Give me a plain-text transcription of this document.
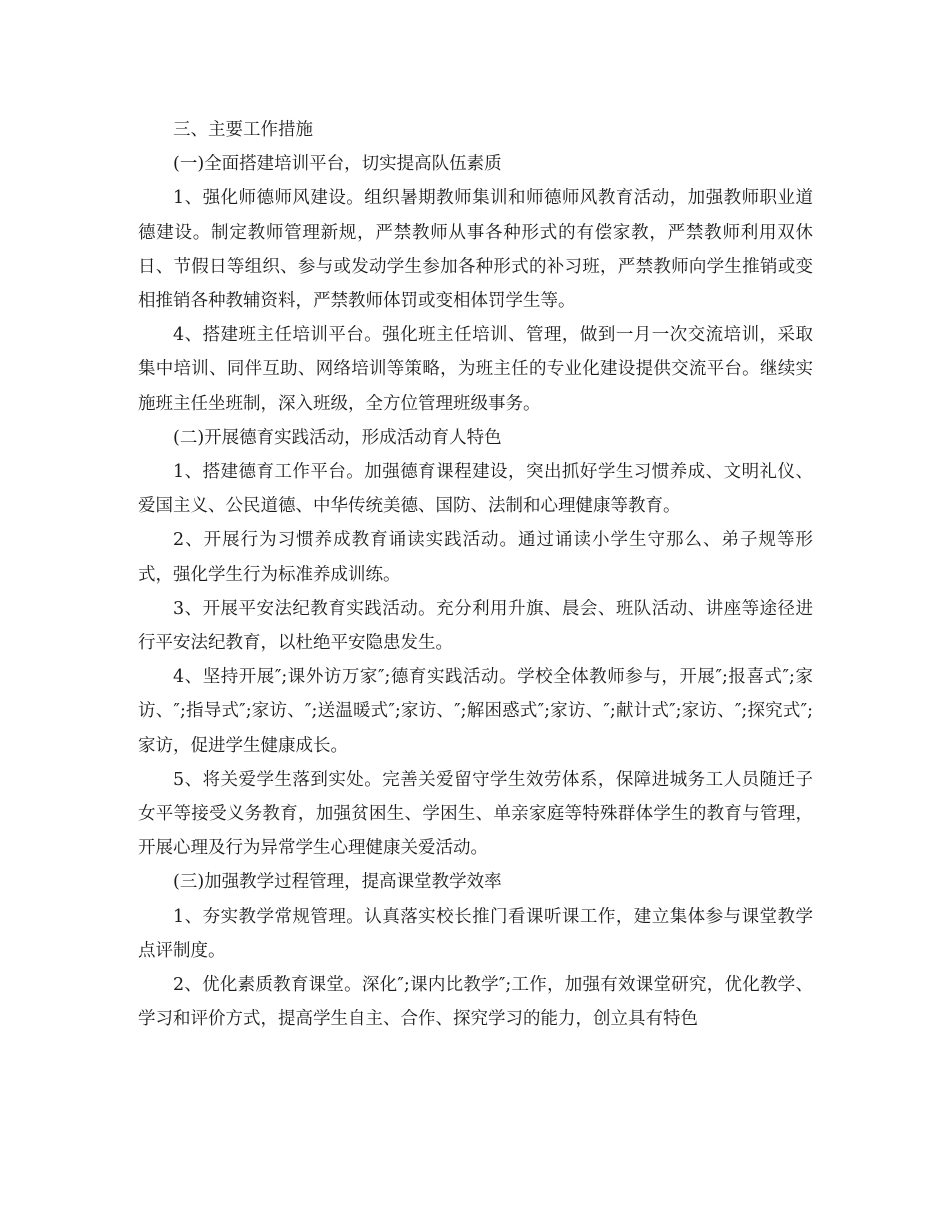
三、主要工作措施

(一)全面搭建培训平台，切实提高队伍素质

1、强化师德师风建设。组织暑期教师集训和师德师风教育活动，加强教师职业道德建设。制定教师管理新规，严禁教师从事各种形式的有偿家教，严禁教师利用双休日、节假日等组织、参与或发动学生参加各种形式的补习班，严禁教师向学生推销或变相推销各种教辅资料，严禁教师体罚或变相体罚学生等。

4、搭建班主任培训平台。强化班主任培训、管理，做到一月一次交流培训，采取集中培训、同伴互助、网络培训等策略，为班主任的专业化建设提供交流平台。继续实施班主任坐班制，深入班级，全方位管理班级事务。

(二)开展德育实践活动，形成活动育人特色

1、搭建德育工作平台。加强德育课程建设，突出抓好学生习惯养成、文明礼仪、爱国主义、公民道德、中华传统美德、国防、法制和心理健康等教育。

2、开展行为习惯养成教育诵读实践活动。通过诵读小学生守那么、弟子规等形式，强化学生行为标准养成训练。

3、开展平安法纪教育实践活动。充分利用升旗、晨会、班队活动、讲座等途径进行平安法纪教育，以杜绝平安隐患发生。

4、坚持开展″;课外访万家″;德育实践活动。学校全体教师参与，开展″;报喜式″;家访、″;指导式″;家访、″;送温暖式″;家访、″;解困惑式″;家访、″;献计式″;家访、″;探究式″;家访，促进学生健康成长。

5、将关爱学生落到实处。完善关爱留守学生效劳体系，保障进城务工人员随迁子女平等接受义务教育，加强贫困生、学困生、单亲家庭等特殊群体学生的教育与管理，开展心理及行为异常学生心理健康关爱活动。

(三)加强教学过程管理，提高课堂教学效率

1、夯实教学常规管理。认真落实校长推门看课听课工作，建立集体参与课堂教学点评制度。

2、优化素质教育课堂。深化″;课内比教学″;工作，加强有效课堂研究，优化教学、学习和评价方式，提高学生自主、合作、探究学习的能力，创立具有特色
